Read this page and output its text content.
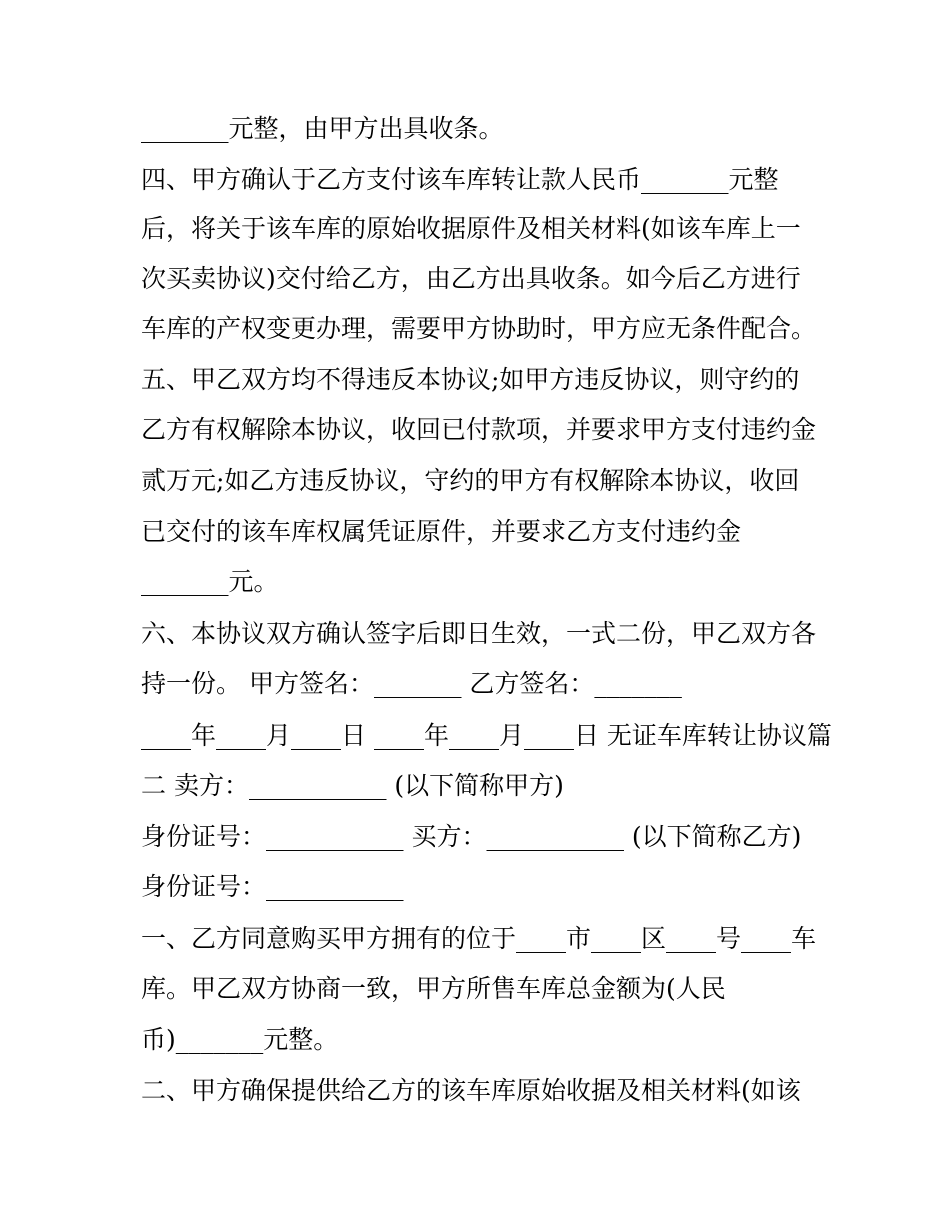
_______元整，由甲方出具收条。
四、甲方确认于乙方支付该车库转让款人民币_______元整
后，将关于该车库的原始收据原件及相关材料(如该车库上一
次买卖协议)交付给乙方，由乙方出具收条。如今后乙方进行
车库的产权变更办理，需要甲方协助时，甲方应无条件配合。
五、甲乙双方均不得违反本协议;如甲方违反协议，则守约的
乙方有权解除本协议，收回已付款项，并要求甲方支付违约金
贰万元;如乙方违反协议，守约的甲方有权解除本协议，收回
已交付的该车库权属凭证原件，并要求乙方支付违约金
_______元。
六、本协议双方确认签字后即日生效，一式二份，甲乙双方各
持一份。 甲方签名：_______ 乙方签名：_______
____年____月____日 ____年____月____日 无证车库转让协议篇
二 卖方：___________ (以下简称甲方)
身份证号：___________ 买方：___________ (以下简称乙方)
身份证号：___________
一、乙方同意购买甲方拥有的位于____市____区____号____车
库。甲乙双方协商一致，甲方所售车库总金额为(人民
币)_______元整。
二、甲方确保提供给乙方的该车库原始收据及相关材料(如该
